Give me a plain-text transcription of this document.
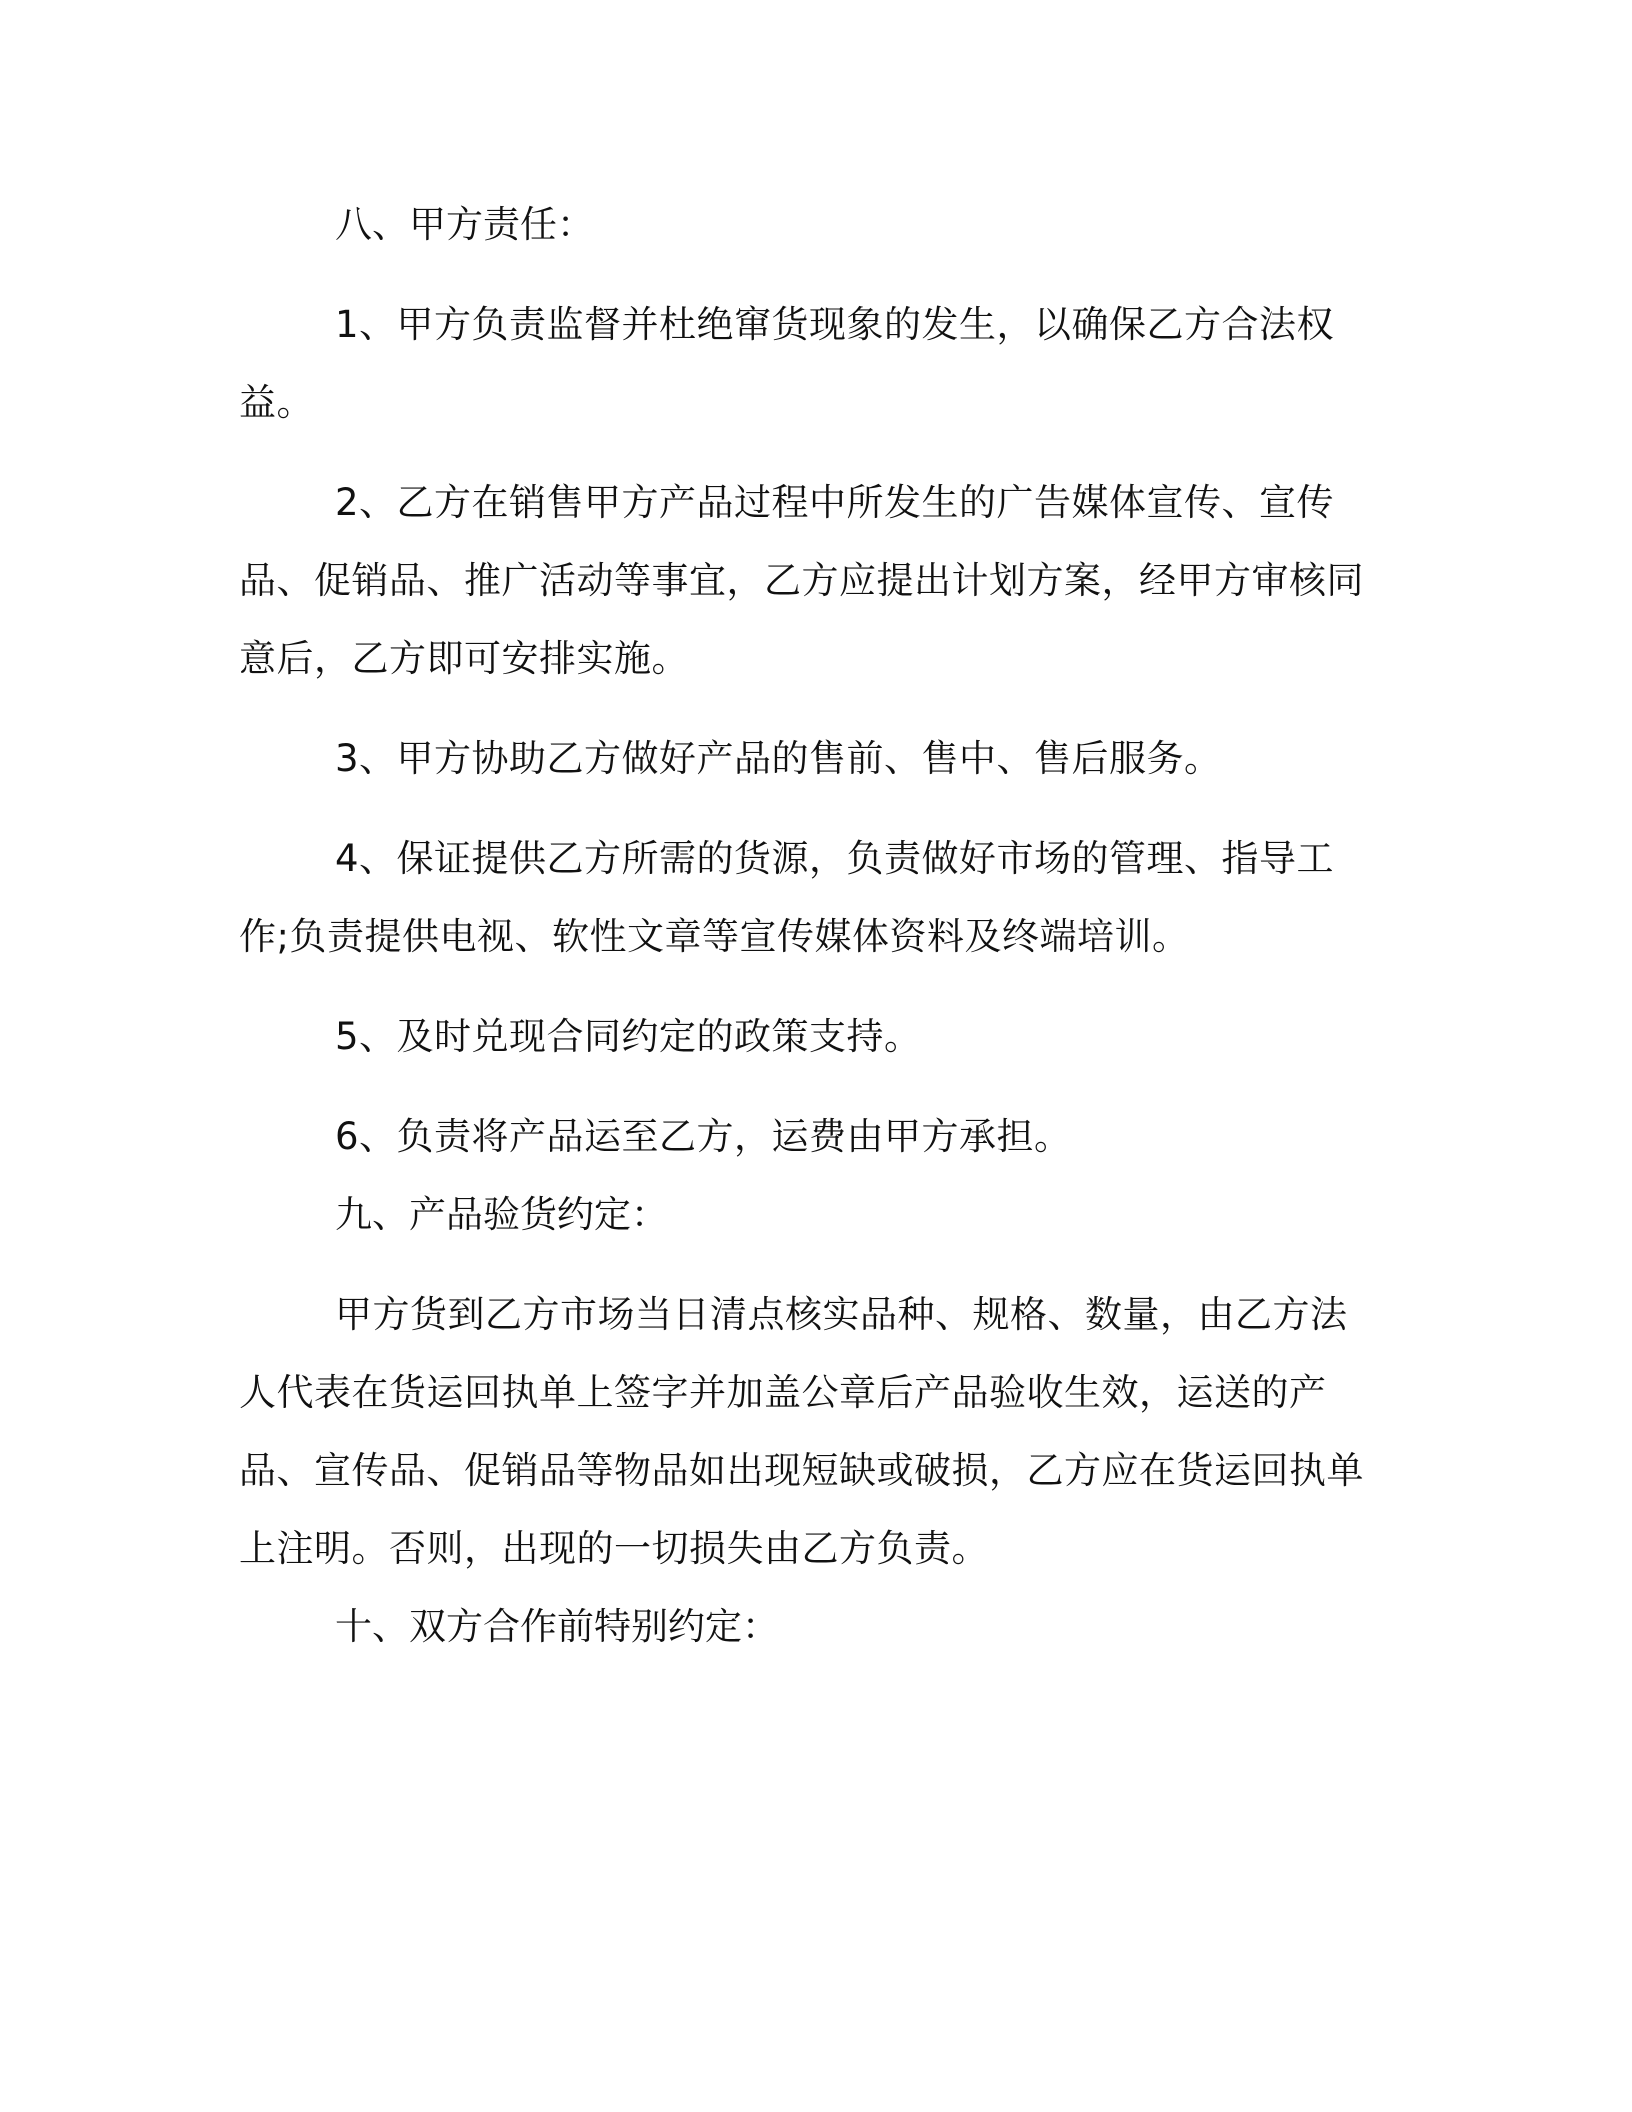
八、甲方责任：

1、甲方负责监督并杜绝窜货现象的发生，以确保乙方合法权益。

2、乙方在销售甲方产品过程中所发生的广告媒体宣传、宣传品、促销品、推广活动等事宜，乙方应提出计划方案，经甲方审核同意后，乙方即可安排实施。

3、甲方协助乙方做好产品的售前、售中、售后服务。

4、保证提供乙方所需的货源，负责做好市场的管理、指导工作;负责提供电视、软性文章等宣传媒体资料及终端培训。

5、及时兑现合同约定的政策支持。

6、负责将产品运至乙方，运费由甲方承担。

九、产品验货约定：

甲方货到乙方市场当日清点核实品种、规格、数量，由乙方法人代表在货运回执单上签字并加盖公章后产品验收生效，运送的产品、宣传品、促销品等物品如出现短缺或破损，乙方应在货运回执单上注明。否则，出现的一切损失由乙方负责。

十、双方合作前特别约定：
